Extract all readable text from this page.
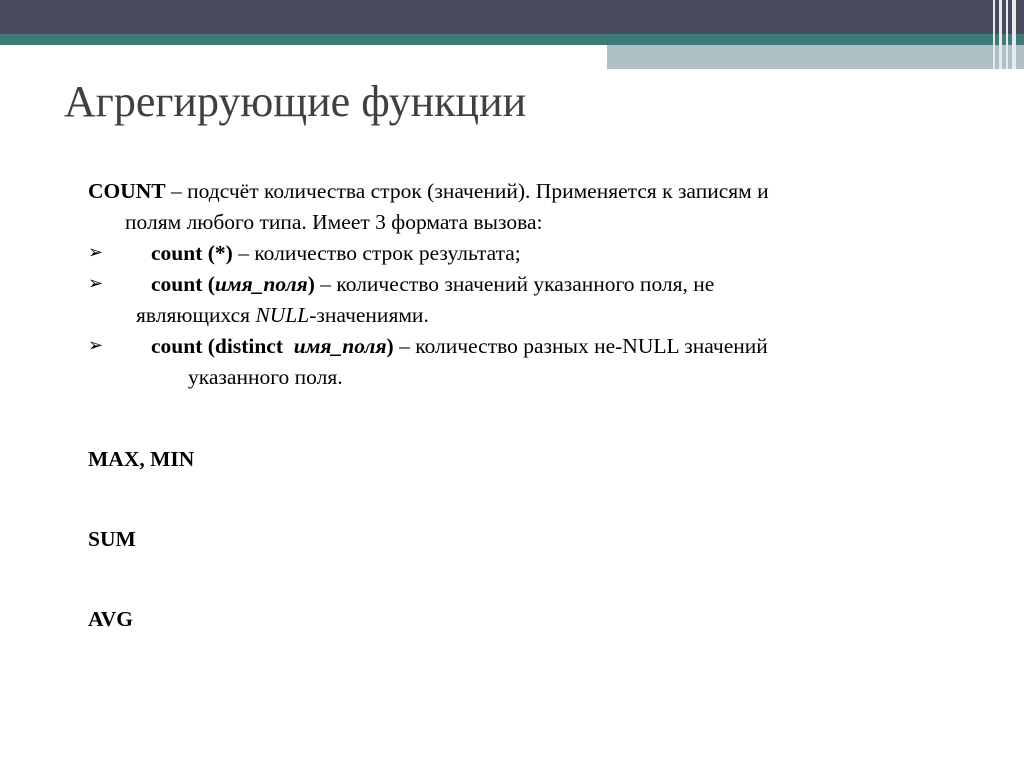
Агрегирующие функции
COUNT – подсчёт количества строк (значений). Применяется к записям и
полям любого типа. Имеет 3 формата вызова:
➢ count (*) – количество строк результата;
➢ count (имя_поля) – количество значений указанного поля, не
являющихся NULL-значениями.
➢ count (distinct  имя_поля) – количество разных не-NULL значений
указанного поля.
MAX, MIN
SUM
AVG
